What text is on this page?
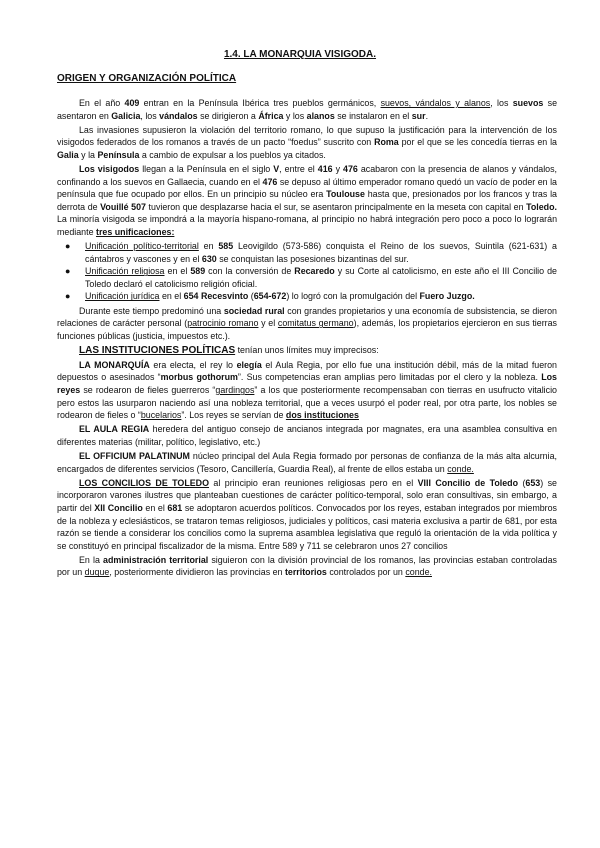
1.4. LA MONARQUIA VISIGODA.
ORIGEN Y ORGANIZACIÓN POLÍTICA

En el año 409 entran en la Península Ibérica tres pueblos germánicos, suevos, vándalos y alanos, los suevos se asentaron en Galicia, los vándalos se dirigieron a África y los alanos se instalaron en el sur.

Las invasiones supusieron la violación del territorio romano, lo que supuso la justificación para la intervención de los visigodos federados de los romanos a través de un pacto “foedus” suscrito con Roma por el que se les concedía tierras en la Galia y la Península a cambio de expulsar a los pueblos ya citados.

Los visigodos llegan a la Península en el siglo V, entre el 416 y 476 acabaron con la presencia de alanos y vándalos, confinando a los suevos en Gallaecia, cuando en el 476 se depuso al último emperador romano quedó un vacío de poder en la península que fue ocupado por ellos. En un principio su núcleo era Toulouse hasta que, presionados por los francos y tras la derrota de Vouillé 507 tuvieron que desplazarse hacia el sur, se asentaron principalmente en la meseta con capital en Toledo. La minoría visigoda se impondrá a la mayoría hispano-romana, al principio no habrá integración pero poco a poco lo lograrán mediante tres unificaciones:

● Unificación político-territorial en 585 Leovigildo (573-586) conquista el Reino de los suevos, Suintila (621-631) a cántabros y vascones y en el 630 se conquistan las posesiones bizantinas del sur.
● Unificación religiosa en el 589 con la conversión de Recaredo y su Corte al catolicismo, en este año el III Concilio de Toledo declaró el catolicismo religión oficial.
● Unificación jurídica en el 654 Recesvinto (654-672) lo logró con la promulgación del Fuero Juzgo.

Durante este tiempo predominó una sociedad rural con grandes propietarios y una economía de subsistencia, se dieron relaciones de carácter personal (patrocinio romano y el comitatus germano), además, los propietarios ejercieron en sus tierras funciones públicas (justicia, impuestos etc.).

LAS INSTITUCIONES POLÍTICAS tenían unos límites muy imprecisos:

LA MONARQUÍA era electa, el rey lo elegía el Aula Regia, por ello fue una institución débil, más de la mitad fueron depuestos o asesinados “morbus gothorum”. Sus competencias eran amplias pero limitadas por el clero y la nobleza. Los reyes se rodearon de fieles guerreros “gardingos” a los que posteriormente recompensaban con tierras en usufructo vitalicio pero estos las usurparon naciendo así una nobleza territorial, que a veces usurpó el poder real, por otra parte, los nobles se rodearon de fieles o “bucelarios”. Los reyes se servían de dos instituciones

EL AULA REGIA heredera del antiguo consejo de ancianos integrada por magnates, era una asamblea consultiva en diferentes materias (militar, político, legislativo, etc.)

EL OFFICIUM PALATINUM núcleo principal del Aula Regia formado por personas de confianza de la más alta alcurnia, encargados de diferentes servicios (Tesoro, Cancillería, Guardia Real), al frente de ellos estaba un conde.

LOS CONCILIOS DE TOLEDO al principio eran reuniones religiosas pero en el VIII Concilio de Toledo (653) se incorporaron varones ilustres que planteaban cuestiones de carácter político-temporal, solo eran consultivas, sin embargo, a partir del XII Concilio en el 681 se adoptaron acuerdos políticos. Convocados por los reyes, estaban integrados por miembros de la nobleza y eclesiásticos, se trataron temas religiosos, judiciales y políticos, casi materia exclusiva a partir de 681, por esta razón se tiende a considerar los concilios como la suprema asamblea legislativa que reguló la orientación de la vida política y se constituyó en principal fiscalizador de la misma. Entre 589 y 711 se celebraron unos 27 concilios

En la administración territorial siguieron con la división provincial de los romanos, las provincias estaban controladas por un duque, posteriormente dividieron las provincias en territorios controlados por un conde.
